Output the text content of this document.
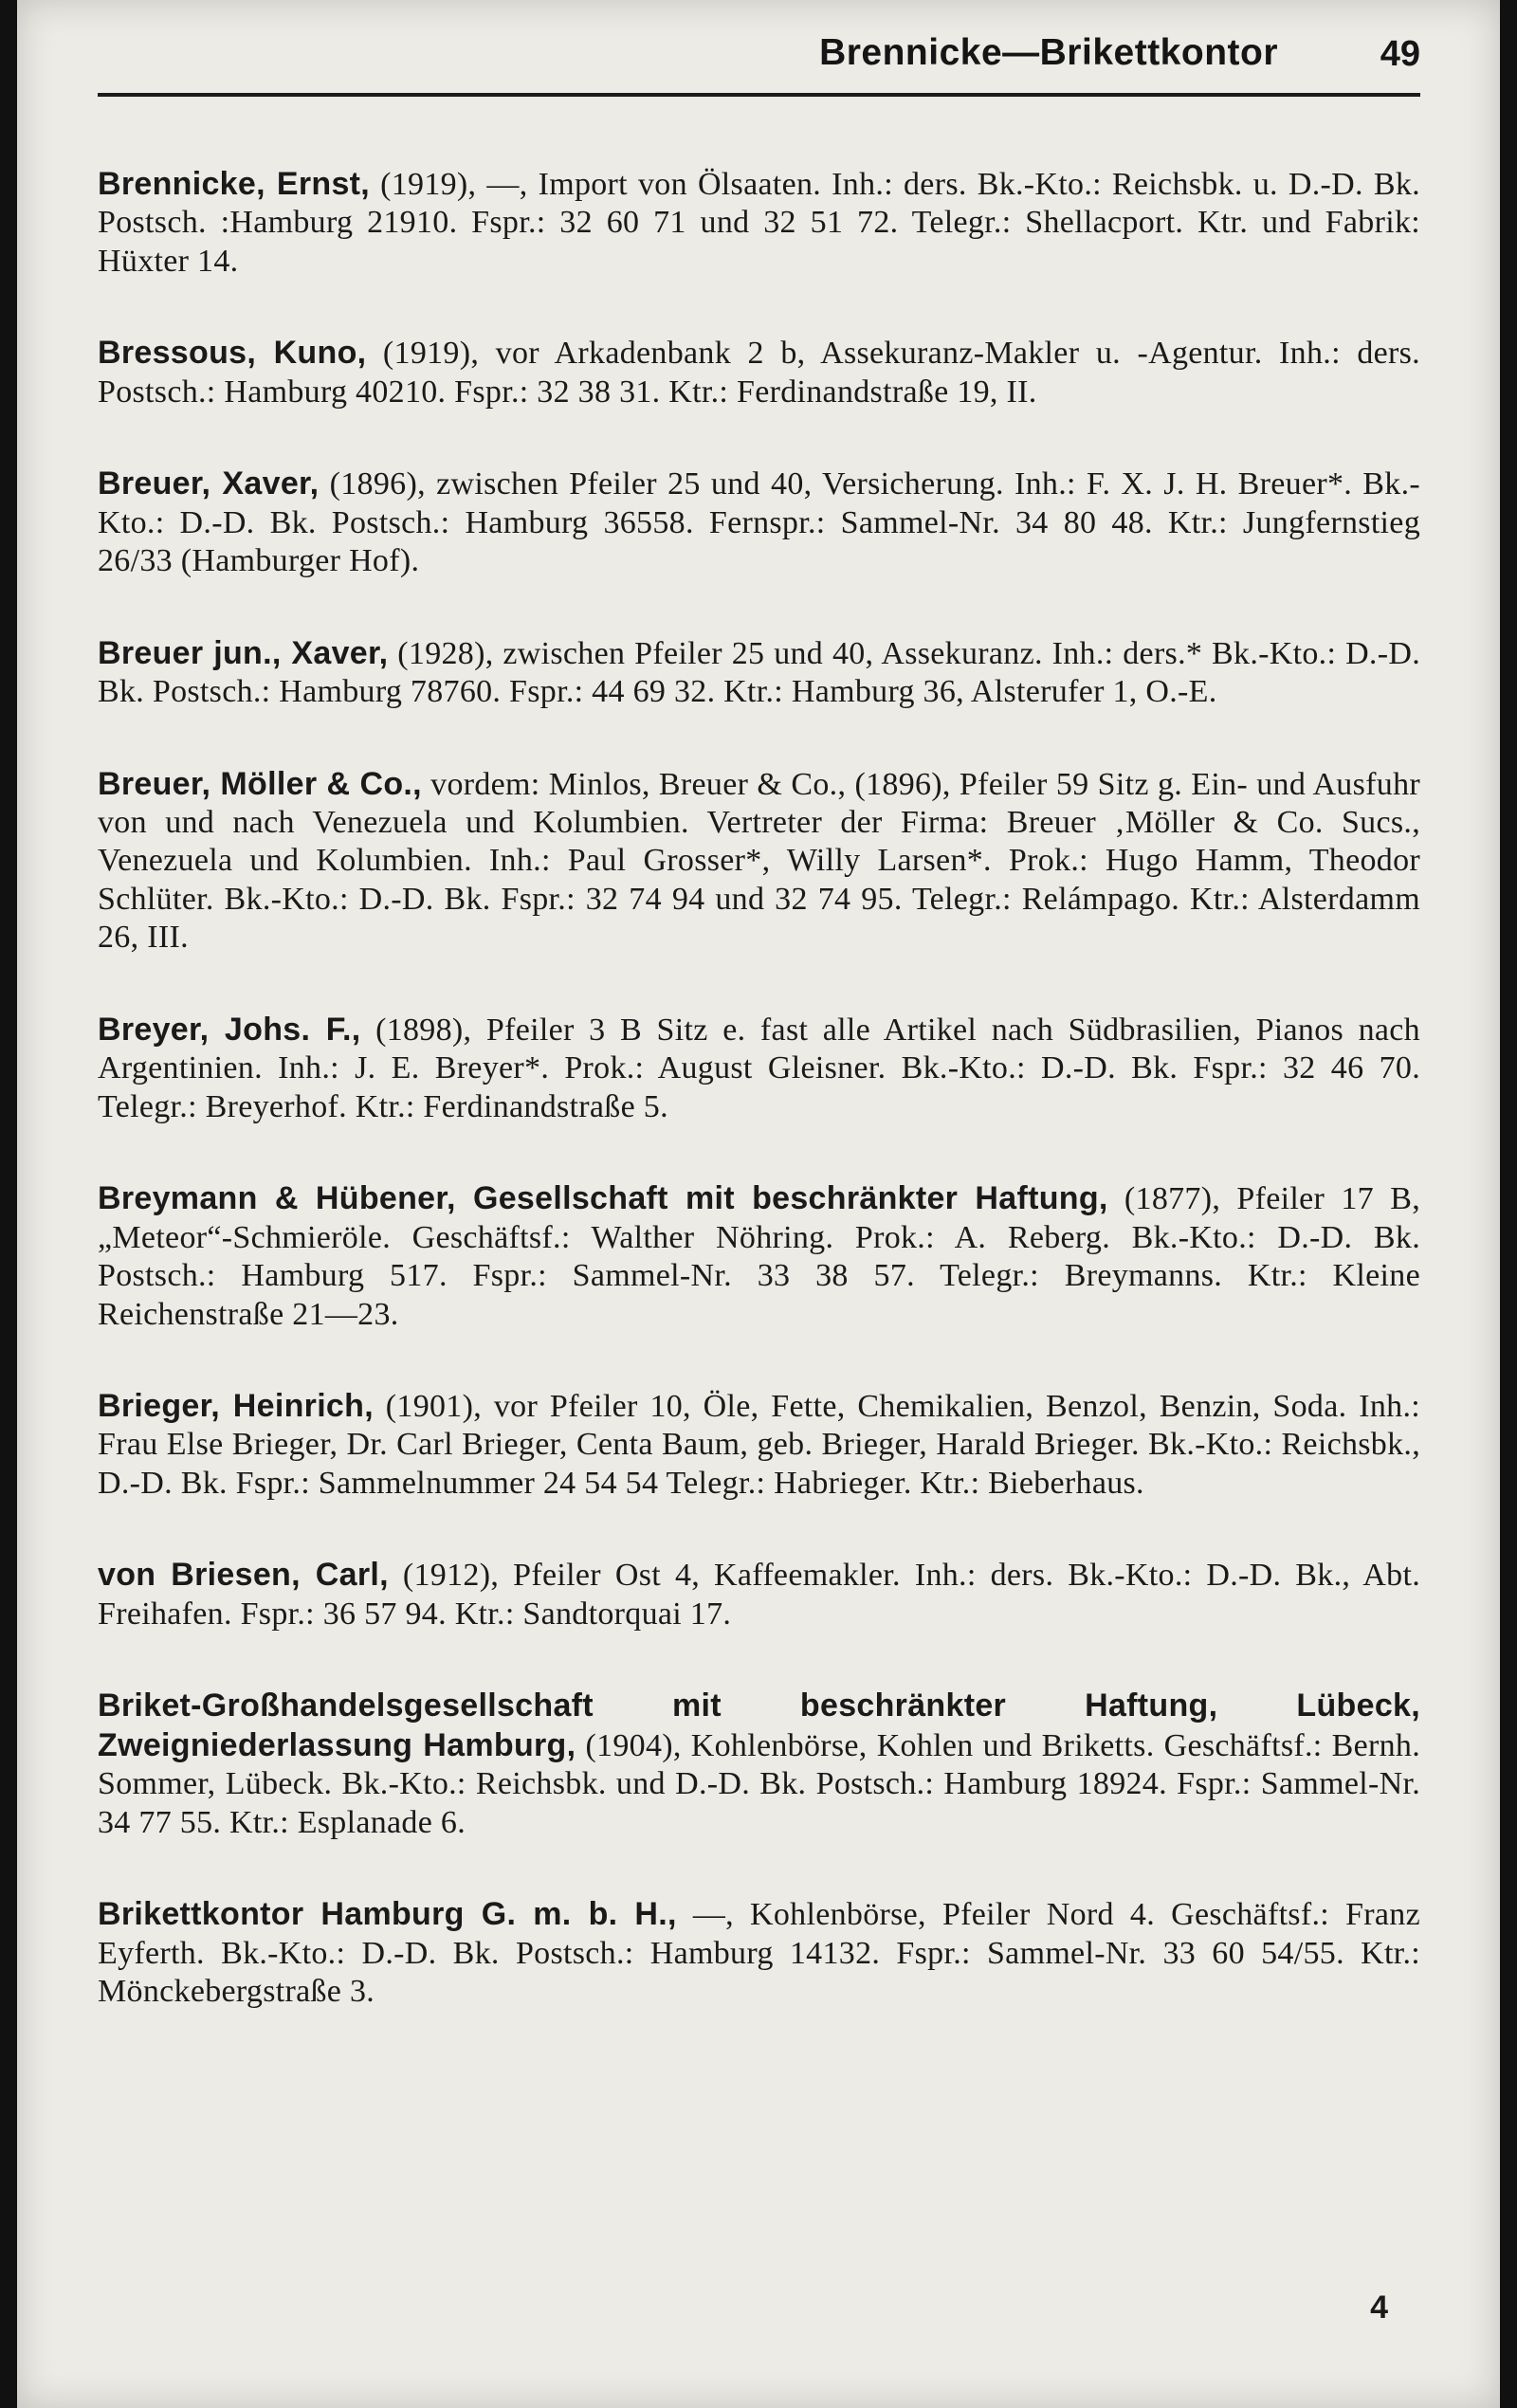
Brennicke—Brikettkontor	49

Brennicke, Ernst, (1919), —, Import von Ölsaaten. Inh.: ders. Bk.-Kto.: Reichsbk. u. D.-D. Bk. Postsch. :Hamburg 21910. Fspr.: 32 60 71 und 32 51 72. Telegr.: Shellacport. Ktr. und Fabrik: Hüxter 14.

Bressous, Kuno, (1919), vor Arkadenbank 2 b, Assekuranz-Makler u. -Agentur. Inh.: ders. Postsch.: Hamburg 40210. Fspr.: 32 38 31. Ktr.: Ferdinandstraße 19, II.

Breuer, Xaver, (1896), zwischen Pfeiler 25 und 40, Versicherung. Inh.: F. X. J. H. Breuer*. Bk.-Kto.: D.-D. Bk. Postsch.: Hamburg 36558. Fernspr.: Sammel-Nr. 34 80 48. Ktr.: Jungfernstieg 26/33 (Hamburger Hof).

Breuer jun., Xaver, (1928), zwischen Pfeiler 25 und 40, Assekuranz. Inh.: ders.* Bk.-Kto.: D.-D. Bk. Postsch.: Hamburg 78760. Fspr.: 44 69 32. Ktr.: Hamburg 36, Alsterufer 1, O.-E.

Breuer, Möller & Co., vordem: Minlos, Breuer & Co., (1896), Pfeiler 59 Sitz g. Ein- und Ausfuhr von und nach Venezuela und Kolumbien. Vertreter der Firma: Breuer ‚Möller & Co. Sucs., Venezuela und Kolumbien. Inh.: Paul Grosser*, Willy Larsen*. Prok.: Hugo Hamm, Theodor Schlüter. Bk.-Kto.: D.-D. Bk. Fspr.: 32 74 94 und 32 74 95. Telegr.: Relámpago. Ktr.: Alsterdamm 26, III.

Breyer, Johs. F., (1898), Pfeiler 3 B Sitz e. fast alle Artikel nach Südbrasilien, Pianos nach Argentinien. Inh.: J. E. Breyer*. Prok.: August Gleisner. Bk.-Kto.: D.-D. Bk. Fspr.: 32 46 70. Telegr.: Breyerhof. Ktr.: Ferdinandstraße 5.

Breymann & Hübener, Gesellschaft mit beschränkter Haftung, (1877), Pfeiler 17 B, „Meteor“-Schmieröle. Geschäftsf.: Walther Nöhring. Prok.: A. Reberg. Bk.-Kto.: D.-D. Bk. Postsch.: Hamburg 517. Fspr.: Sammel-Nr. 33 38 57. Telegr.: Breymanns. Ktr.: Kleine Reichenstraße 21—23.

Brieger, Heinrich, (1901), vor Pfeiler 10, Öle, Fette, Chemikalien, Benzol, Benzin, Soda. Inh.: Frau Else Brieger, Dr. Carl Brieger, Centa Baum, geb. Brieger, Harald Brieger. Bk.-Kto.: Reichsbk., D.-D. Bk. Fspr.: Sammelnummer 24 54 54 Telegr.: Habrieger. Ktr.: Bieberhaus.

von Briesen, Carl, (1912), Pfeiler Ost 4, Kaffeemakler. Inh.: ders. Bk.-Kto.: D.-D. Bk., Abt. Freihafen. Fspr.: 36 57 94. Ktr.: Sandtorquai 17.

Briket-Großhandelsgesellschaft mit beschränkter Haftung, Lübeck, Zweigniederlassung Hamburg, (1904), Kohlenbörse, Kohlen und Briketts. Geschäftsf.: Bernh. Sommer, Lübeck. Bk.-Kto.: Reichsbk. und D.-D. Bk. Postsch.: Hamburg 18924. Fspr.: Sammel-Nr. 34 77 55. Ktr.: Esplanade 6.

Brikettkontor Hamburg G. m. b. H., —, Kohlenbörse, Pfeiler Nord 4. Geschäftsf.: Franz Eyferth. Bk.-Kto.: D.-D. Bk. Postsch.: Hamburg 14132. Fspr.: Sammel-Nr. 33 60 54/55. Ktr.: Mönckebergstraße 3.

4
